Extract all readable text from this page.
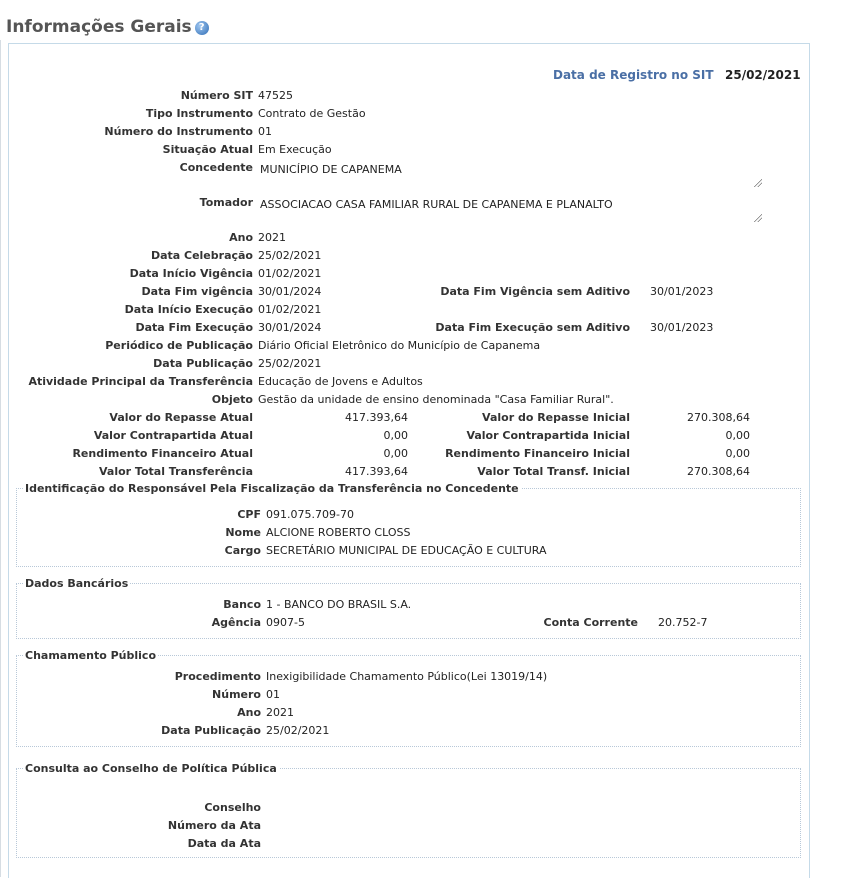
Informações Gerais ?
Data de Registro no SIT 25/02/2021
Número SIT 47525
Tipo Instrumento Contrato de Gestão
Número do Instrumento 01
Situação Atual Em Execução
Concedente MUNICÍPIO DE CAPANEMA
Tomador ASSOCIACAO CASA FAMILIAR RURAL DE CAPANEMA E PLANALTO
Ano 2021
Data Celebração 25/02/2021
Data Início Vigência 01/02/2021
Data Fim vigência 30/01/2024	Data Fim Vigência sem Aditivo 30/01/2023
Data Início Execução 01/02/2021
Data Fim Execução 30/01/2024	Data Fim Execução sem Aditivo 30/01/2023
Periódico de Publicação Diário Oficial Eletrônico do Município de Capanema
Data Publicação 25/02/2021
Atividade Principal da Transferência Educação de Jovens e Adultos
Objeto Gestão da unidade de ensino denominada "Casa Familiar Rural".
Valor do Repasse Atual	417.393,64	Valor do Repasse Inicial	270.308,64
Valor Contrapartida Atual	0,00	Valor Contrapartida Inicial	0,00
Rendimento Financeiro Atual	0,00	Rendimento Financeiro Inicial	0,00
Valor Total Transferência	417.393,64	Valor Total Transf. Inicial	270.308,64
Identificação do Responsável Pela Fiscalização da Transferência no Concedente
CPF 091.075.709-70
Nome ALCIONE ROBERTO CLOSS
Cargo SECRETÁRIO MUNICIPAL DE EDUCAÇÃO E CULTURA
Dados Bancários
Banco 1 - BANCO DO BRASIL S.A.
Agência 0907-5	Conta Corrente 20.752-7
Chamamento Público
Procedimento Inexigibilidade Chamamento Público(Lei 13019/14)
Número 01
Ano 2021
Data Publicação 25/02/2021
Consulta ao Conselho de Política Pública
Conselho
Número da Ata
Data da Ata
